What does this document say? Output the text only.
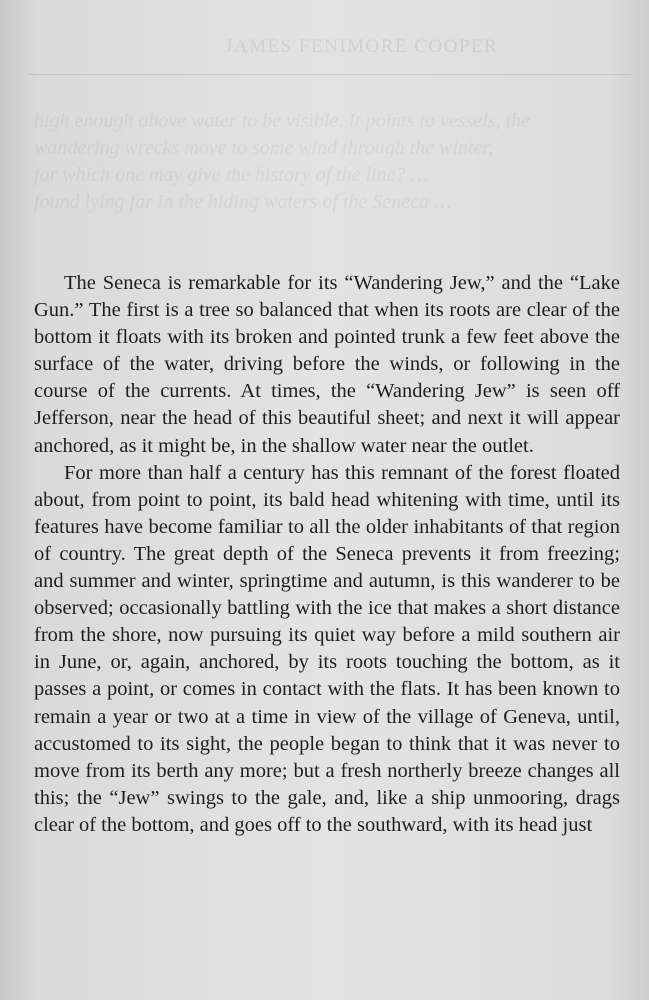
JAMES FENIMORE COOPER

high enough above water to be visible. It points to vessels, the

wandering wrecks move to some wind through the winter,

for which one may give the history of the line? …

found lying far in the hiding waters of the Seneca …

The Seneca is remarkable for its “Wandering Jew,” and the “Lake Gun.” The first is a tree so balanced that when its roots are clear of the bottom it floats with its broken and pointed trunk a few feet above the surface of the water, driving before the winds, or following in the course of the currents. At times, the “Wandering Jew” is seen off Jefferson, near the head of this beautiful sheet; and next it will appear anchored, as it might be, in the shallow water near the outlet.

For more than half a century has this remnant of the forest floated about, from point to point, its bald head whitening with time, until its features have become familiar to all the older inhabitants of that region of country. The great depth of the Seneca prevents it from freezing; and summer and winter, springtime and autumn, is this wanderer to be observed; occasionally battling with the ice that makes a short distance from the shore, now pursuing its quiet way before a mild southern air in June, or, again, anchored, by its roots touching the bottom, as it passes a point, or comes in contact with the flats. It has been known to remain a year or two at a time in view of the village of Geneva, until, accustomed to its sight, the people began to think that it was never to move from its berth any more; but a fresh northerly breeze changes all this; the “Jew” swings to the gale, and, like a ship unmooring, drags clear of the bottom, and goes off to the southward, with its head just
